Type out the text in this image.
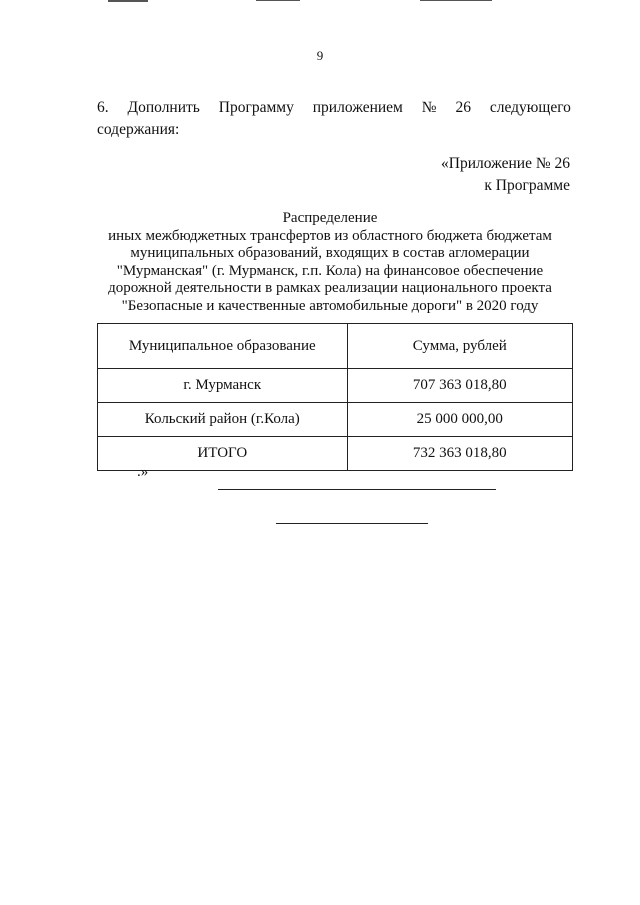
9
6. Дополнить Программу приложением № 26 следующего
содержания:
«Приложение № 26
к Программе
Распределение
иных межбюджетных трансфертов из областного бюджета бюджетам
муниципальных образований, входящих в состав агломерации
"Мурманская" (г. Мурманск, г.п. Кола) на финансовое обеспечение
дорожной деятельности в рамках реализации национального проекта
"Безопасные и качественные автомобильные дороги" в 2020 году
Муниципальное образование	Сумма, рублей
г. Мурманск	707 363 018,80
Кольский район (г.Кола)	25 000 000,00
ИТОГО	732 363 018,80
.»
